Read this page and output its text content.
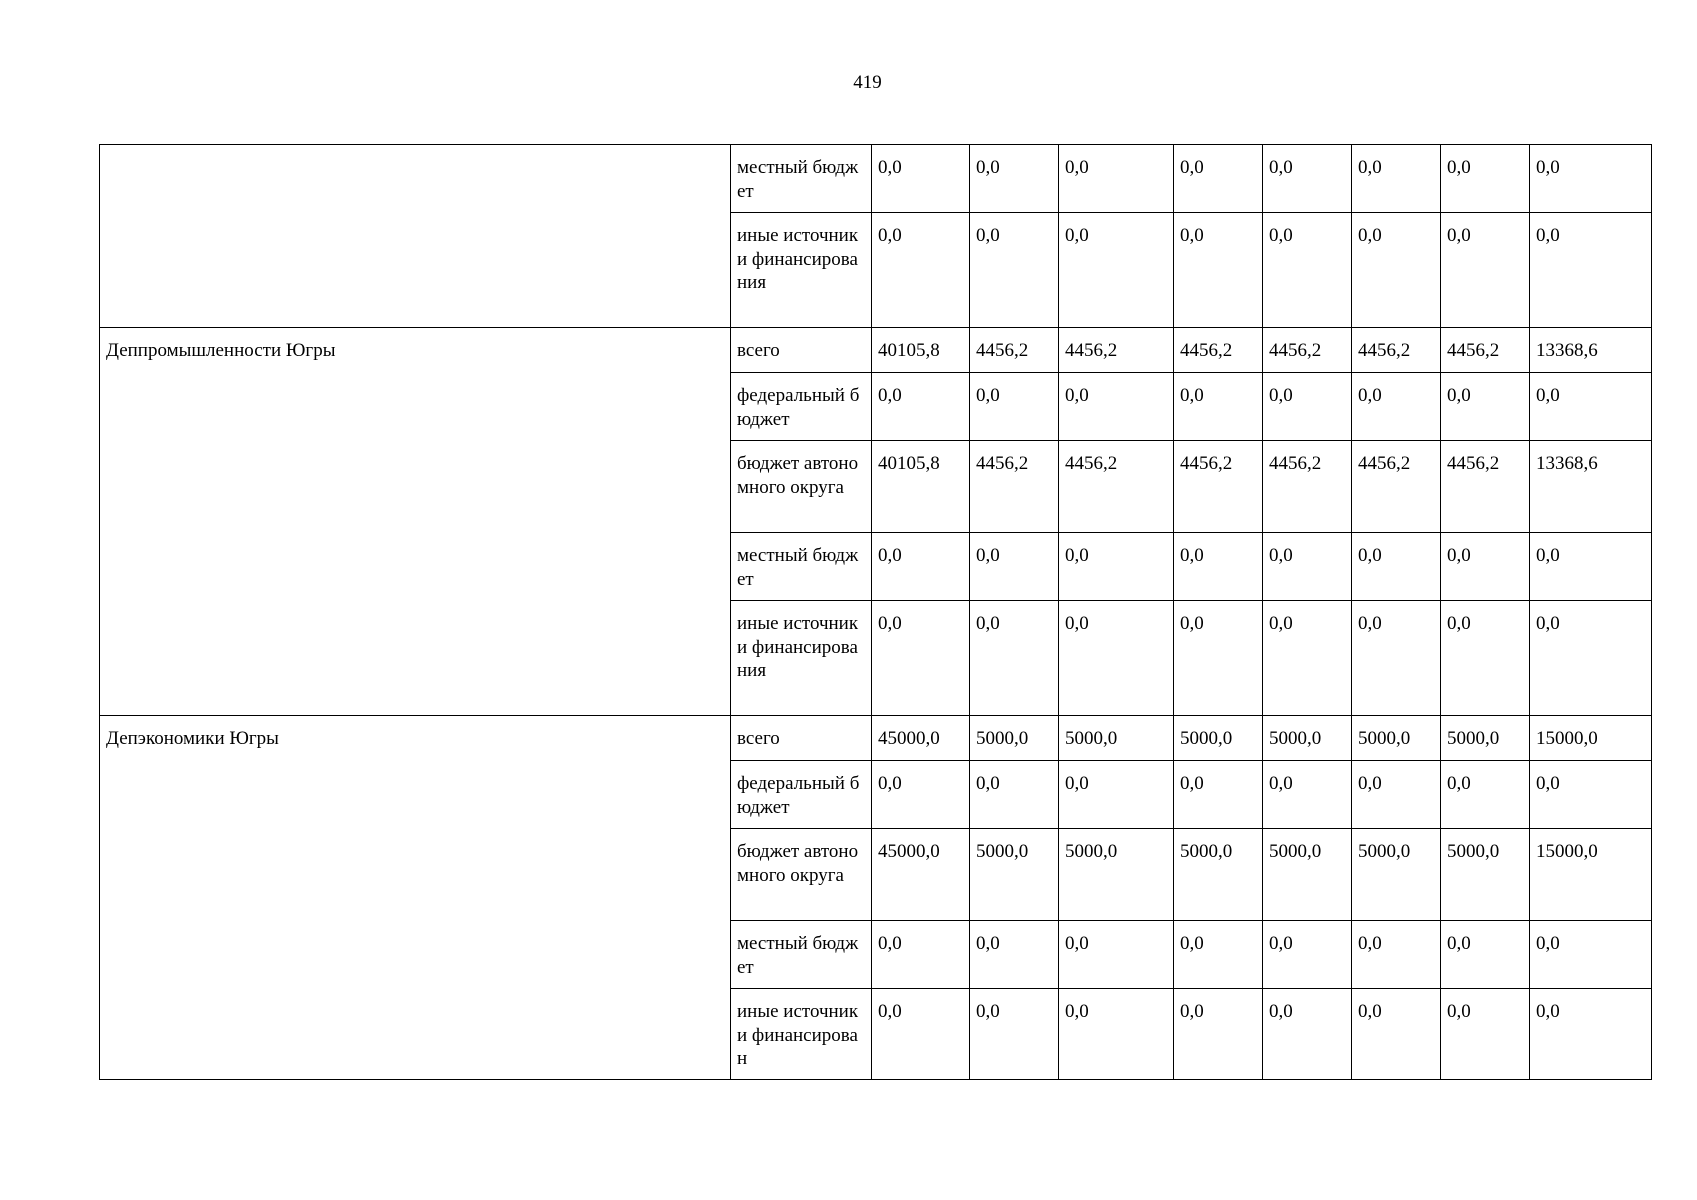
419
	местный бюджет	0,0	0,0	0,0	0,0	0,0	0,0	0,0	0,0
	иные источники финансирования	0,0	0,0	0,0	0,0	0,0	0,0	0,0	0,0
Деппромышленности Югры	всего	40105,8	4456,2	4456,2	4456,2	4456,2	4456,2	4456,2	13368,6
	федеральный бюджет	0,0	0,0	0,0	0,0	0,0	0,0	0,0	0,0
	бюджет автономного округа	40105,8	4456,2	4456,2	4456,2	4456,2	4456,2	4456,2	13368,6
	местный бюджет	0,0	0,0	0,0	0,0	0,0	0,0	0,0	0,0
	иные источники финансирования	0,0	0,0	0,0	0,0	0,0	0,0	0,0	0,0
Депэкономики Югры	всего	45000,0	5000,0	5000,0	5000,0	5000,0	5000,0	5000,0	15000,0
	федеральный бюджет	0,0	0,0	0,0	0,0	0,0	0,0	0,0	0,0
	бюджет автономного округа	45000,0	5000,0	5000,0	5000,0	5000,0	5000,0	5000,0	15000,0
	местный бюджет	0,0	0,0	0,0	0,0	0,0	0,0	0,0	0,0
	иные источники финансирован	0,0	0,0	0,0	0,0	0,0	0,0	0,0	0,0
